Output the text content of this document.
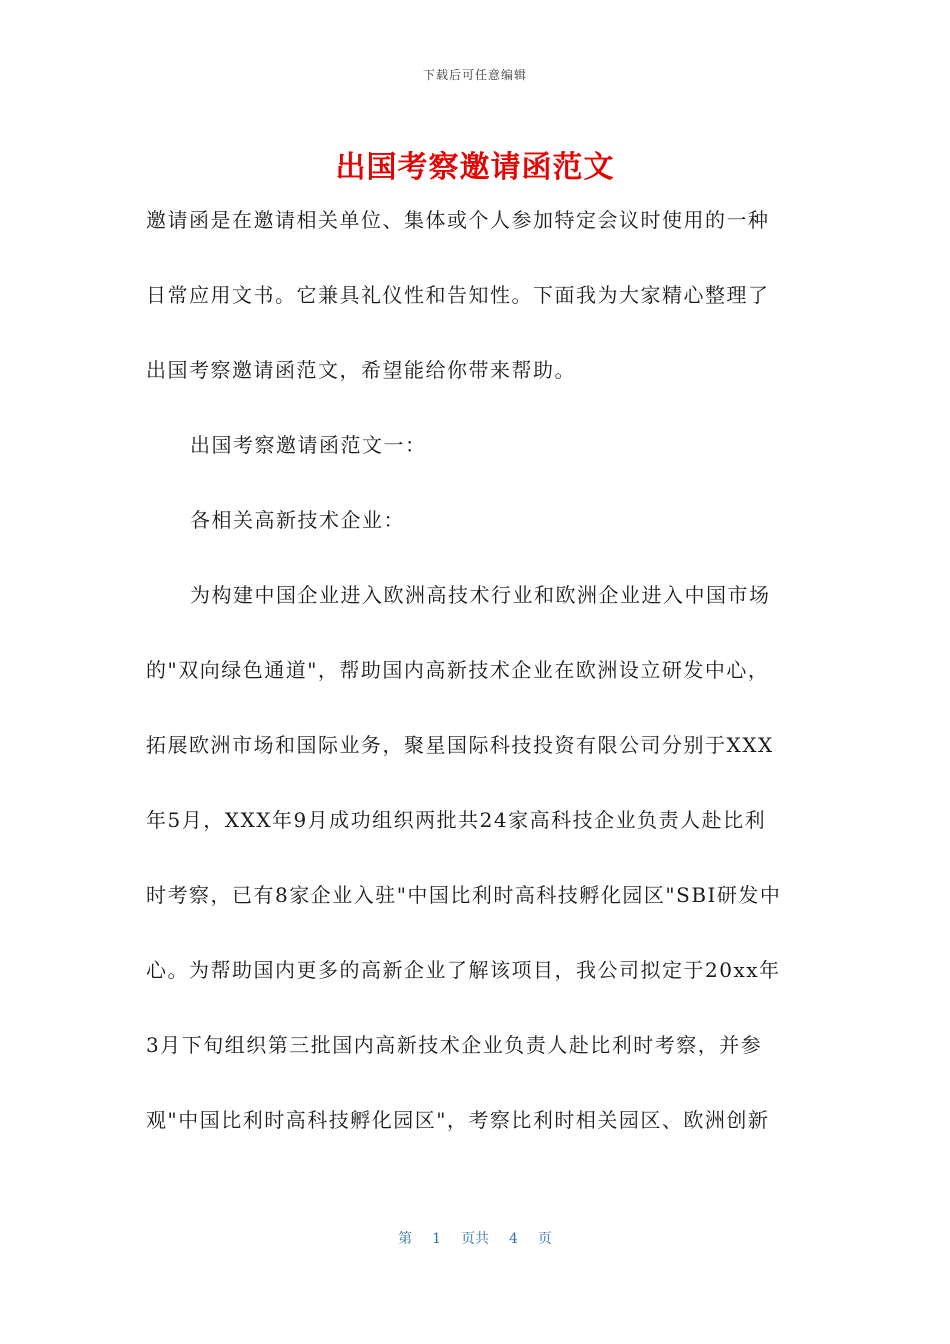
下载后可任意编辑
出国考察邀请函范文
邀请函是在邀请相关单位、集体或个人参加特定会议时使用的一种
日常应用文书。它兼具礼仪性和告知性。下面我为大家精心整理了
出国考察邀请函范文，希望能给你带来帮助。
出国考察邀请函范文一：
各相关高新技术企业：
为构建中国企业进入欧洲高技术行业和欧洲企业进入中国市场
的"双向绿色通道"，帮助国内高新技术企业在欧洲设立研发中心，
拓展欧洲市场和国际业务，聚星国际科技投资有限公司分别于XXX
年5月，XXX年9月成功组织两批共24家高科技企业负责人赴比利
时考察，已有8家企业入驻"中国比利时高科技孵化园区"SBI研发中
心。为帮助国内更多的高新企业了解该项目，我公司拟定于20xx年
3月下旬组织第三批国内高新技术企业负责人赴比利时考察，并参
观"中国比利时高科技孵化园区"，考察比利时相关园区、欧洲创新
第 1 页共 4 页
